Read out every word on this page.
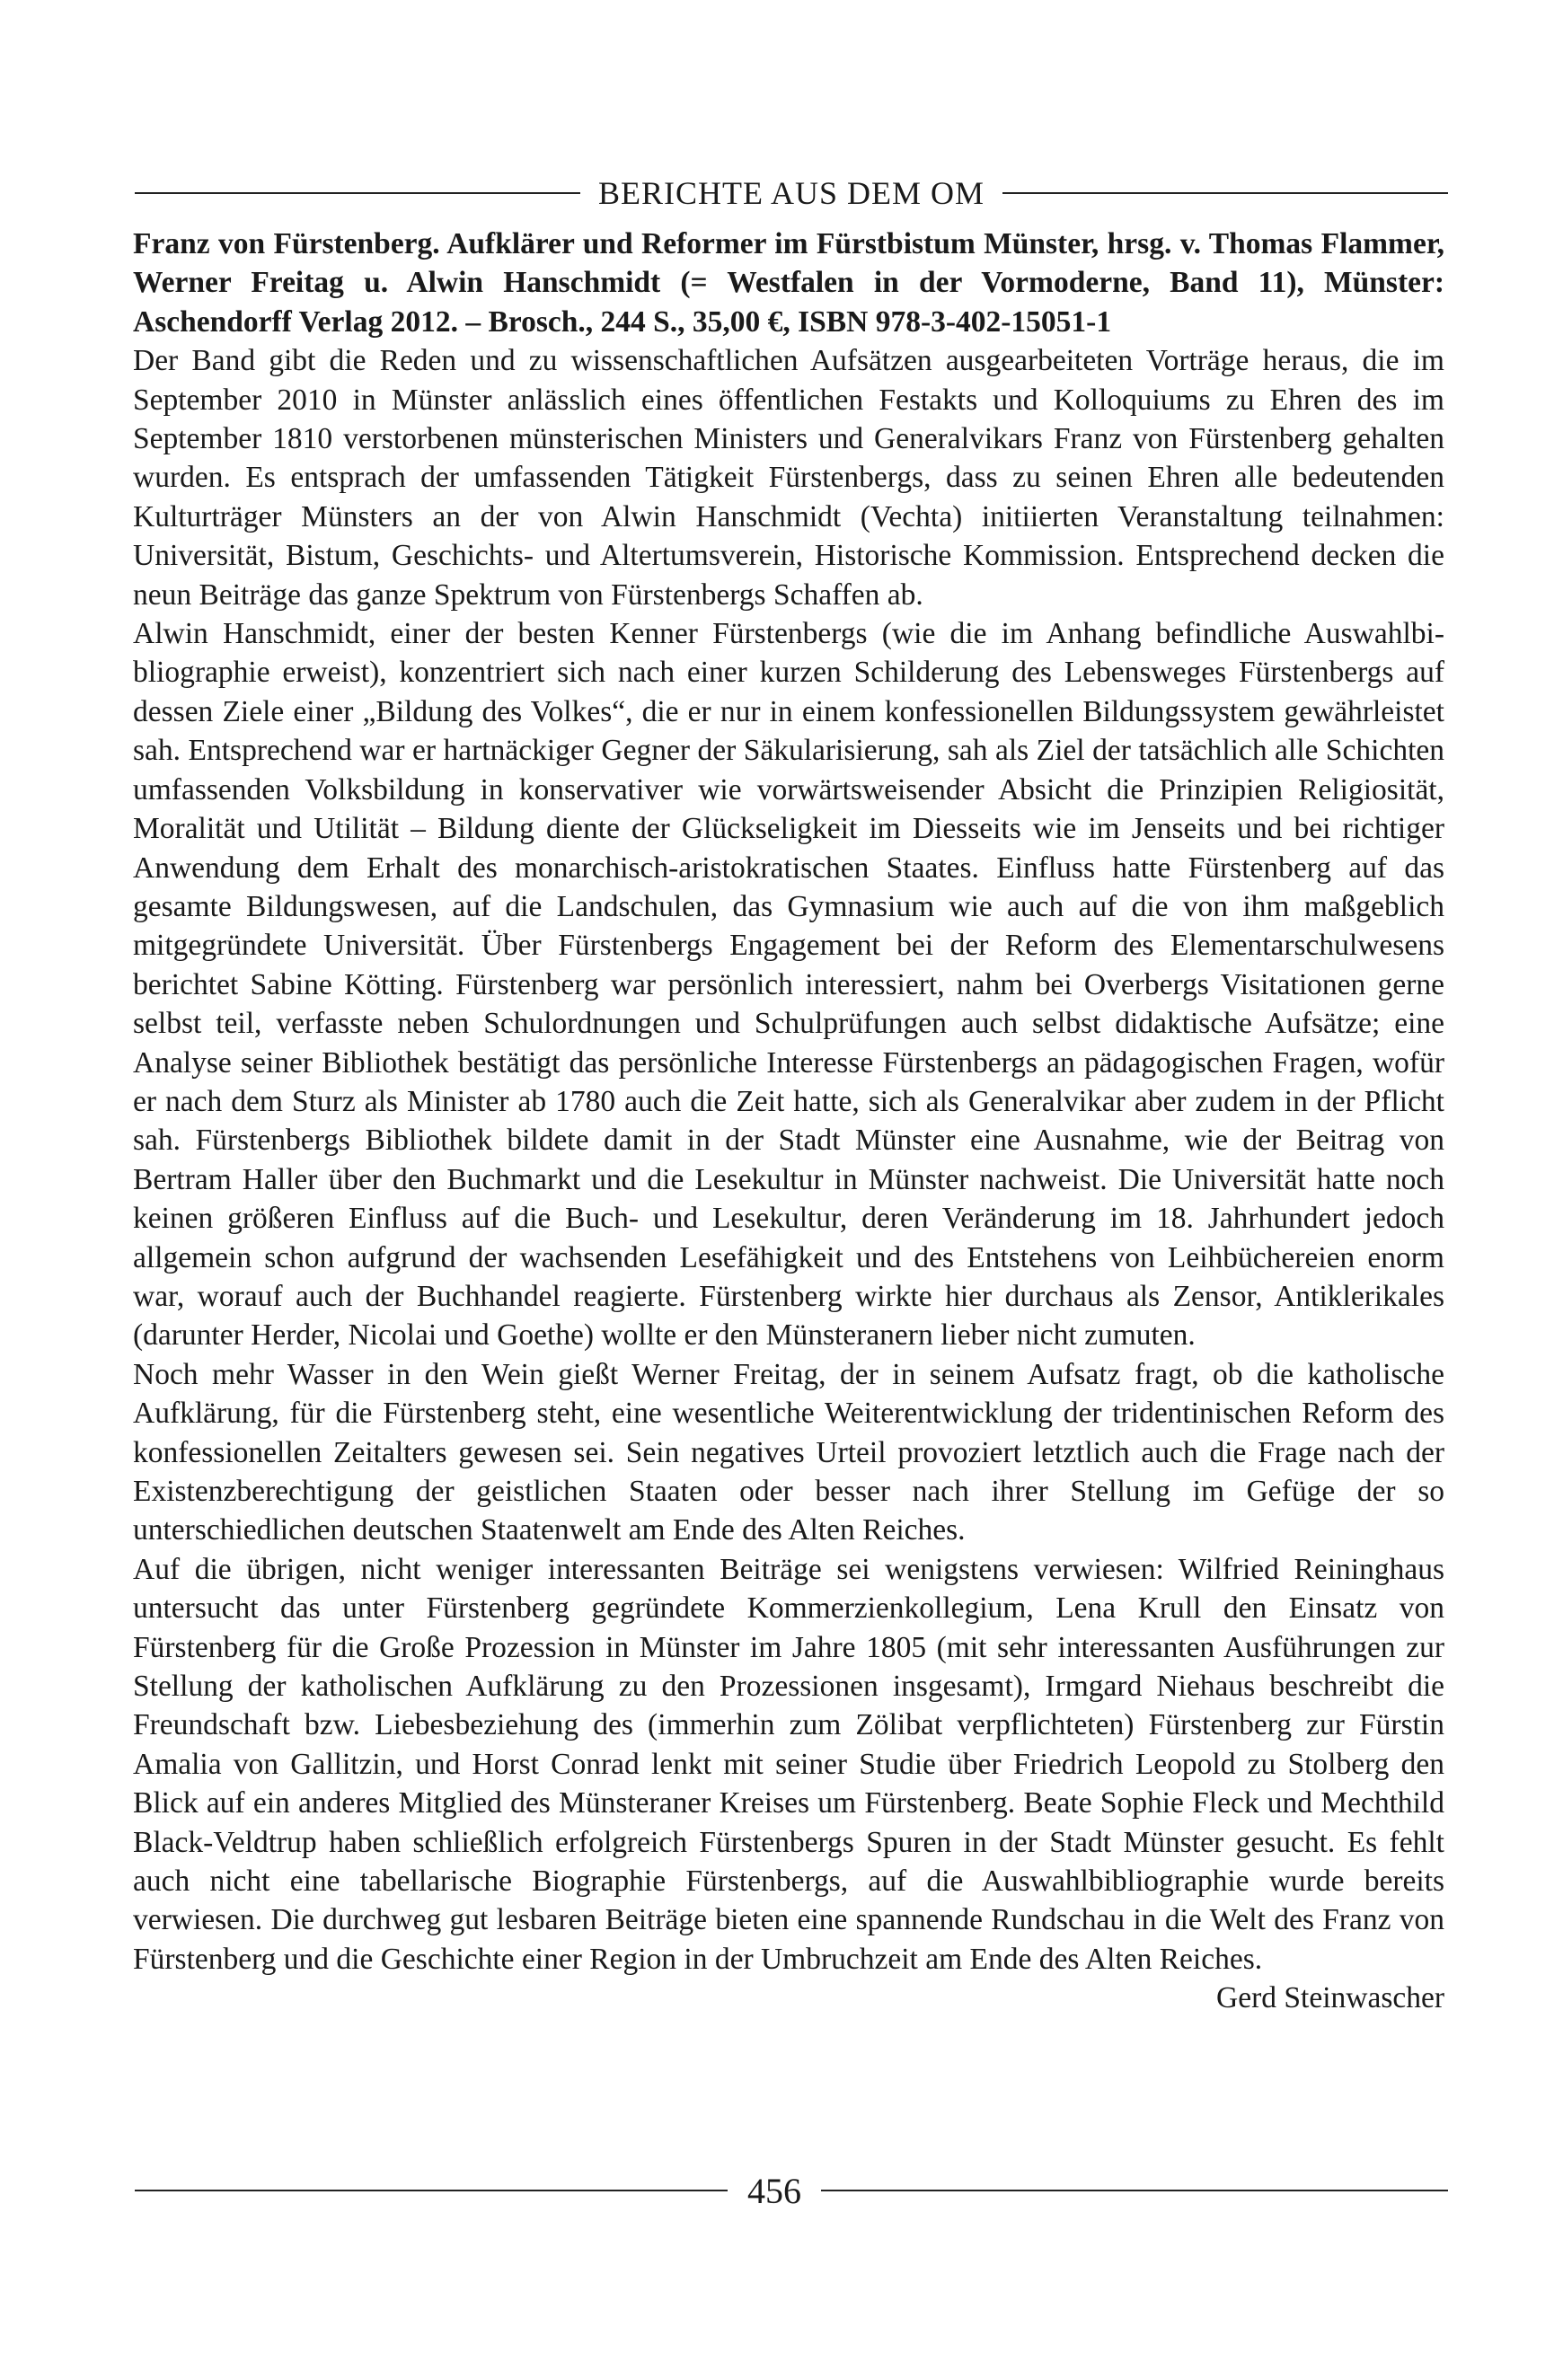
BERICHTE AUS DEM OM

Franz von Fürstenberg. Aufklärer und Reformer im Fürstbistum Münster, hrsg. v. Thomas Flammer, Werner Freitag u. Alwin Hanschmidt (= Westfalen in der Vormoderne, Band 11), Münster: Aschendorff Verlag 2012. – Brosch., 244 S., 35,00 €, ISBN 978-3-402-15051-1

Der Band gibt die Reden und zu wissenschaftlichen Aufsätzen ausgearbeiteten Vorträge heraus, die im September 2010 in Münster anlässlich eines öffentlichen Festakts und Kolloquiums zu Ehren des im September 1810 verstorbenen münsterischen Ministers und Generalvikars Franz von Fürstenberg gehalten wurden. Es entsprach der umfassenden Tätigkeit Fürstenbergs, dass zu seinen Ehren alle bedeutenden Kulturträger Münsters an der von Alwin Hanschmidt (Vechta) initiierten Veranstaltung teilnahmen: Universität, Bistum, Geschichts- und Altertumsverein, Historische Kommission. Entsprechend decken die neun Beiträge das ganze Spektrum von Fürstenbergs Schaffen ab.

Alwin Hanschmidt, einer der besten Kenner Fürstenbergs (wie die im Anhang befindliche Auswahlbibliographie erweist), konzentriert sich nach einer kurzen Schilderung des Lebensweges Fürstenbergs auf dessen Ziele einer „Bildung des Volkes“, die er nur in einem konfessionellen Bildungssystem gewährleistet sah. Entsprechend war er hartnäckiger Gegner der Säkularisierung, sah als Ziel der tatsächlich alle Schichten umfassenden Volksbildung in konservativer wie vorwärtsweisender Absicht die Prinzipien Religiosität, Moralität und Utilität – Bildung diente der Glückseligkeit im Diesseits wie im Jenseits und bei richtiger Anwendung dem Erhalt des monarchisch-aristokratischen Staates. Einfluss hatte Fürstenberg auf das gesamte Bildungswesen, auf die Landschulen, das Gymnasium wie auch auf die von ihm maßgeblich mitgegründete Universität. Über Fürstenbergs Engagement bei der Reform des Elementarschulwesens berichtet Sabine Kötting. Fürstenberg war persönlich interessiert, nahm bei Overbergs Visitationen gerne selbst teil, verfasste neben Schulordnungen und Schulprüfungen auch selbst didaktische Aufsätze; eine Analyse seiner Bibliothek bestätigt das persönliche Interesse Fürstenbergs an pädagogischen Fragen, wofür er nach dem Sturz als Minister ab 1780 auch die Zeit hatte, sich als Generalvikar aber zudem in der Pflicht sah. Fürstenbergs Bibliothek bildete damit in der Stadt Münster eine Ausnahme, wie der Beitrag von Bertram Haller über den Buchmarkt und die Lesekultur in Münster nachweist. Die Universität hatte noch keinen größeren Einfluss auf die Buch- und Lesekultur, deren Veränderung im 18. Jahrhundert jedoch allgemein schon aufgrund der wachsenden Lesefähigkeit und des Entstehens von Leihbüchereien enorm war, worauf auch der Buchhandel reagierte. Fürstenberg wirkte hier durchaus als Zensor, Antiklerikales (darunter Herder, Nicolai und Goethe) wollte er den Münsteranern lieber nicht zumuten.

Noch mehr Wasser in den Wein gießt Werner Freitag, der in seinem Aufsatz fragt, ob die katholische Aufklärung, für die Fürstenberg steht, eine wesentliche Weiterentwicklung der tridentinischen Reform des konfessionellen Zeitalters gewesen sei. Sein negatives Urteil provoziert letztlich auch die Frage nach der Existenzberechtigung der geistlichen Staaten oder besser nach ihrer Stellung im Gefüge der so unterschiedlichen deutschen Staatenwelt am Ende des Alten Reiches.

Auf die übrigen, nicht weniger interessanten Beiträge sei wenigstens verwiesen: Wilfried Reininghaus untersucht das unter Fürstenberg gegründete Kommerzienkollegium, Lena Krull den Einsatz von Fürstenberg für die Große Prozession in Münster im Jahre 1805 (mit sehr interessanten Ausführungen zur Stellung der katholischen Aufklärung zu den Prozessionen insgesamt), Irmgard Niehaus beschreibt die Freundschaft bzw. Liebesbeziehung des (immerhin zum Zölibat verpflichteten) Fürstenberg zur Fürstin Amalia von Gallitzin, und Horst Conrad lenkt mit seiner Studie über Friedrich Leopold zu Stolberg den Blick auf ein anderes Mitglied des Münsteraner Kreises um Fürstenberg. Beate Sophie Fleck und Mechthild Black-Veldtrup haben schließlich erfolgreich Fürstenbergs Spuren in der Stadt Münster gesucht. Es fehlt auch nicht eine tabellarische Biographie Fürstenbergs, auf die Auswahlbibliographie wurde bereits verwiesen. Die durchweg gut lesbaren Beiträge bieten eine spannende Rundschau in die Welt des Franz von Fürstenberg und die Geschichte einer Region in der Umbruchzeit am Ende des Alten Reiches.

Gerd Steinwascher

456
